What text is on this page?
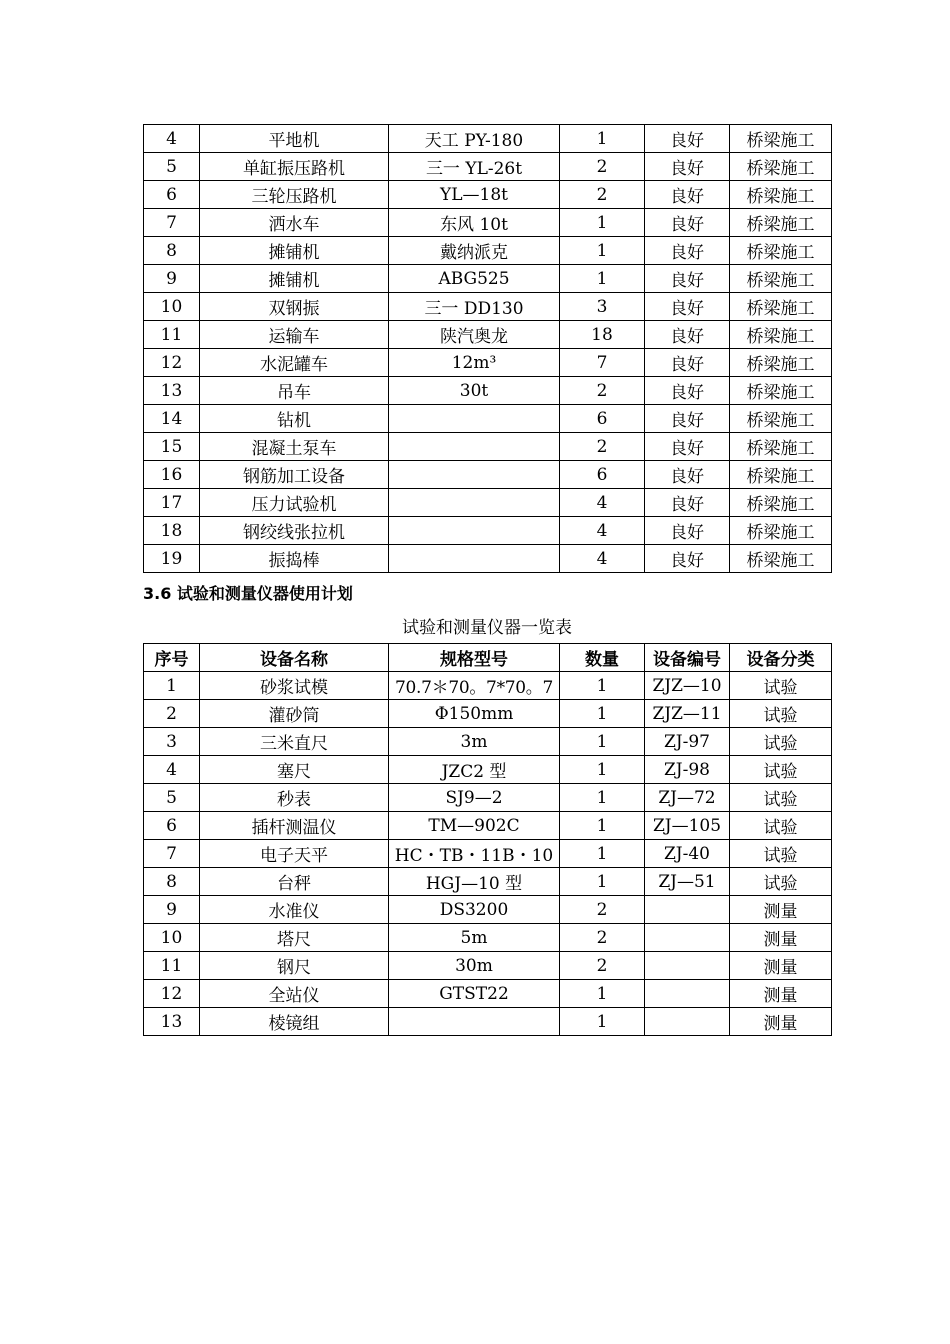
4	平地机	天工 PY-180	1	良好	桥梁施工
5	单缸振压路机	三一 YL-26t	2	良好	桥梁施工
6	三轮压路机	YL—18t	2	良好	桥梁施工
7	洒水车	东风 10t	1	良好	桥梁施工
8	摊铺机	戴纳派克	1	良好	桥梁施工
9	摊铺机	ABG525	1	良好	桥梁施工
10	双钢振	三一 DD130	3	良好	桥梁施工
11	运输车	陕汽奥龙	18	良好	桥梁施工
12	水泥罐车	12m³	7	良好	桥梁施工
13	吊车	30t	2	良好	桥梁施工
14	钻机		6	良好	桥梁施工
15	混凝土泵车		2	良好	桥梁施工
16	钢筋加工设备		6	良好	桥梁施工
17	压力试验机		4	良好	桥梁施工
18	钢绞线张拉机		4	良好	桥梁施工
19	振捣棒		4	良好	桥梁施工

3.6 试验和测量仪器使用计划

试验和测量仪器一览表

序号	设备名称	规格型号	数量	设备编号	设备分类
1	砂浆试模	70.7＊70。7*70。7	1	ZJZ—10	试验
2	灌砂筒	Φ150mm	1	ZJZ—11	试验
3	三米直尺	3m	1	ZJ-97	试验
4	塞尺	JZC2 型	1	ZJ-98	试验
5	秒表	SJ9—2	1	ZJ—72	试验
6	插杆测温仪	TM—902C	1	ZJ—105	试验
7	电子天平	HC・TB・11B・10	1	ZJ-40	试验
8	台秤	HGJ—10 型	1	ZJ—51	试验
9	水准仪	DS3200	2		测量
10	塔尺	5m	2		测量
11	钢尺	30m	2		测量
12	全站仪	GTST22	1		测量
13	棱镜组		1		测量
